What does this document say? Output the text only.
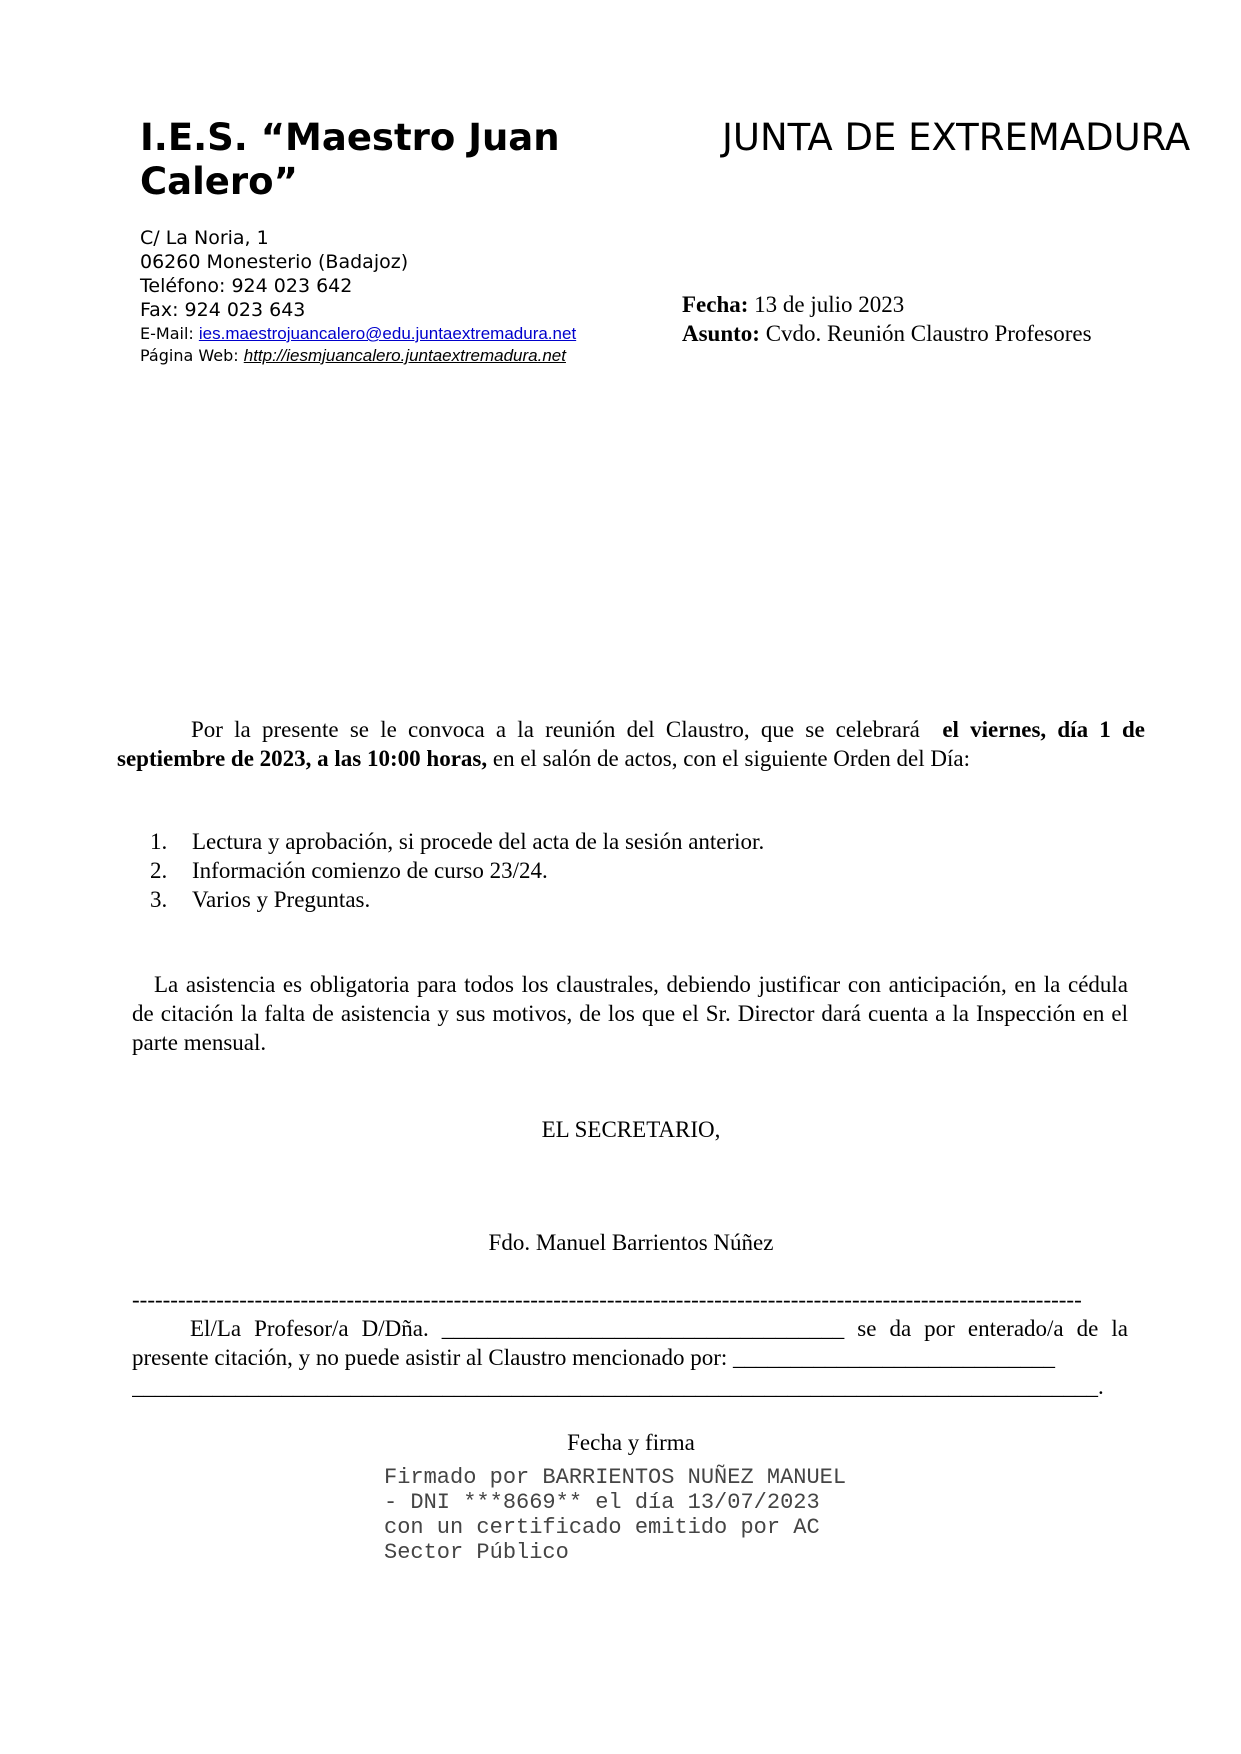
I.E.S. “Maestro Juan Calero”
C/ La Noria, 1
06260 Monesterio (Badajoz)
Teléfono: 924 023 642
Fax: 924 023 643
E-Mail: ies.maestrojuancalero@edu.juntaextremadura.net
Página Web: http://iesmjuancalero.juntaextremadura.net
JUNTA DE EXTREMADURA
Fecha: 13 de julio 2023
Asunto: Cvdo. Reunión Claustro Profesores
Por la presente se le convoca a la reunión del Claustro, que se celebrará el viernes, día 1 de septiembre de 2023, a las 10:00 horas, en el salón de actos, con el siguiente Orden del Día:
1.	Lectura y aprobación, si procede del acta de la sesión anterior.
2.	Información comienzo de curso 23/24.
3.	Varios y Preguntas.
La asistencia es obligatoria para todos los claustrales, debiendo justificar con anticipación, en la cédula de citación la falta de asistencia y sus motivos, de los que el Sr. Director dará cuenta a la Inspección en el parte mensual.
EL SECRETARIO,
Fdo. Manuel Barrientos Núñez
----------------------------------------------------------------------------------------------------------------------------
El/La Profesor/a D/Dña. ___________________________________ se da por enterado/a de la presente citación, y no puede asistir al Claustro mencionado por: ____________________________
____________________________________________________________________________________.
Fecha y firma
Firmado por BARRIENTOS NUÑEZ MANUEL
- DNI ***8669** el día 13/07/2023
con un certificado emitido por AC
Sector Público
